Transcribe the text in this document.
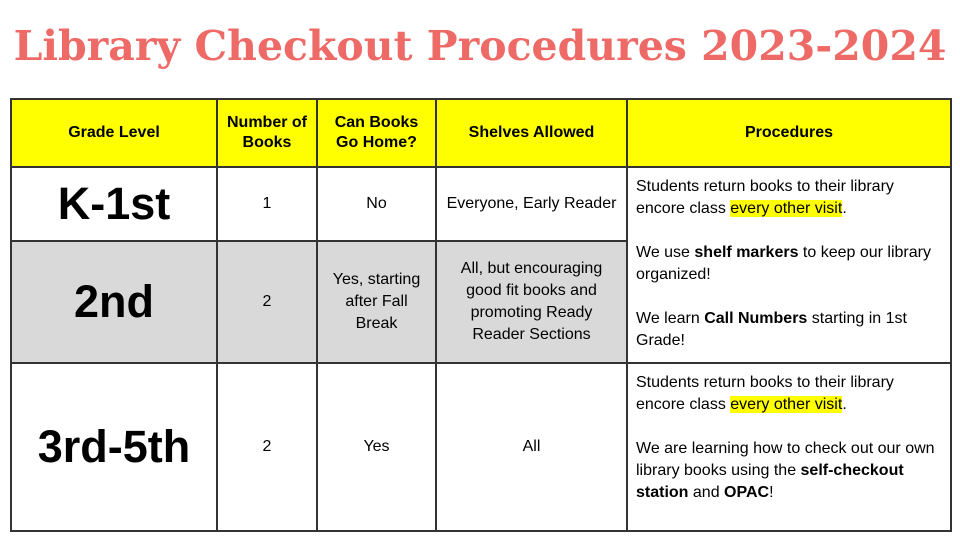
Library Checkout Procedures 2023-2024
Grade Level	Number of Books	Can Books Go Home?	Shelves Allowed	Procedures
K-1st	1	No	Everyone, Early Reader	Students return books to their library encore class every other visit.

We use shelf markers to keep our library organized!

We learn Call Numbers starting in 1st Grade!

2nd	2	Yes, starting after Fall Break	All, but encouraging good fit books and promoting Ready Reader Sections	

3rd-5th	2	Yes	All	Students return books to their library encore class every other visit.

We are learning how to check out our own library books using the self-checkout station and OPAC!
